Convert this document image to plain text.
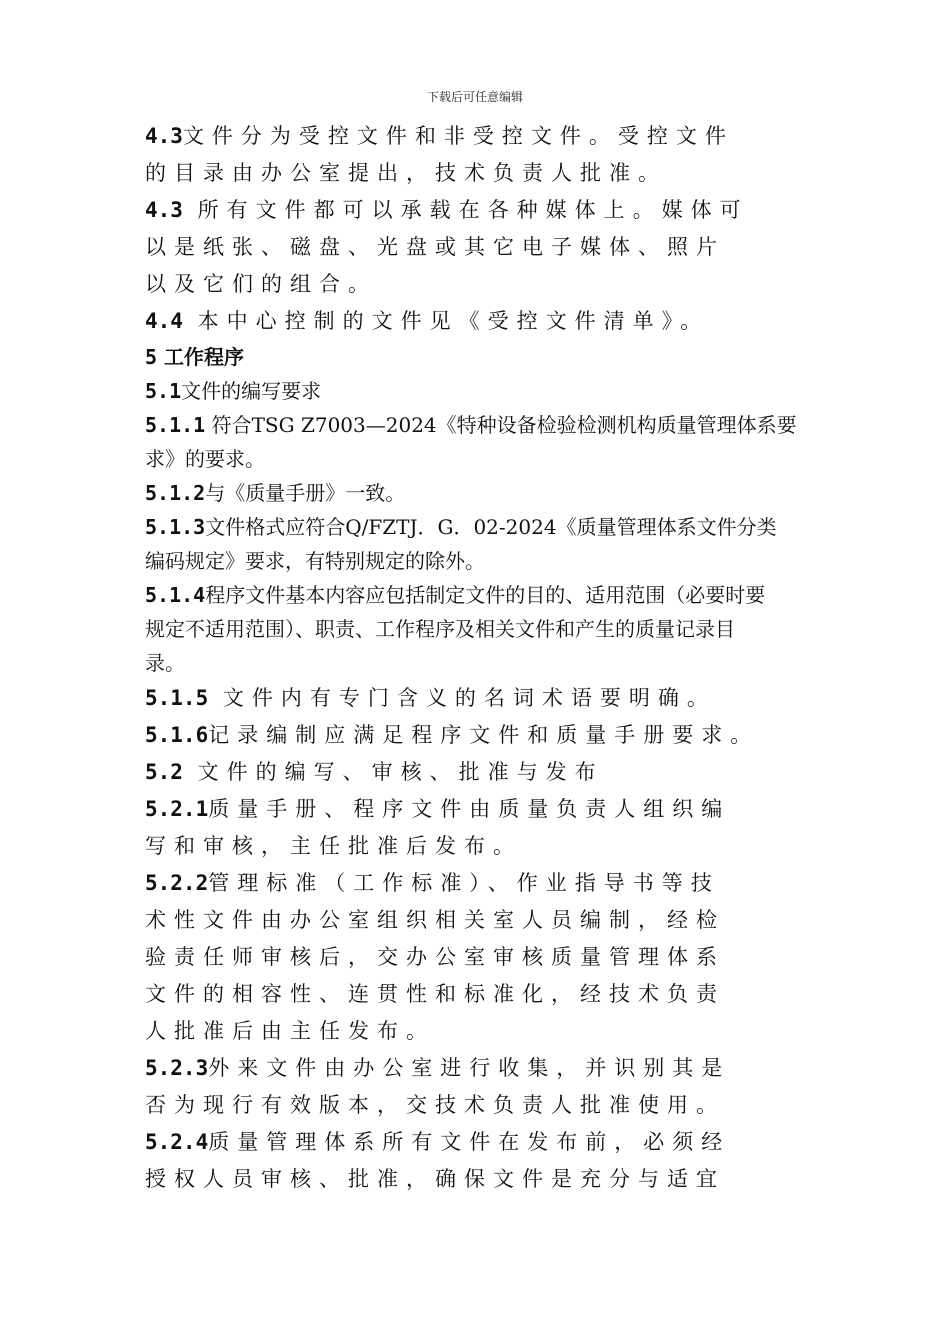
下载后可任意编辑
4.3文件分为受控文件和非受控文件。受控文件
的目录由办公室提出，技术负责人批准。
4.3 所有文件都可以承载在各种媒体上。媒体可
以是纸张、磁盘、光盘或其它电子媒体、照片
以及它们的组合。
4.4 本中心控制的文件见《受控文件清单》。
5 工作程序
5.1文件的编写要求
5.1.1 符合TSG Z7003—2024《特种设备检验检测机构质量管理体系要
求》的要求。
5.1.2与《质量手册》一致。
5.1.3文件格式应符合Q/FZTJ．G．02-2024《质量管理体系文件分类
编码规定》要求，有特别规定的除外。
5.1.4程序文件基本内容应包括制定文件的目的、适用范围（必要时要
规定不适用范围）、职责、工作程序及相关文件和产生的质量记录目
录。
5.1.5 文件内有专门含义的名词术语要明确。
5.1.6记录编制应满足程序文件和质量手册要求。
5.2 文件的编写、审核、批准与发布
5.2.1质量手册、程序文件由质量负责人组织编
写和审核，主任批准后发布。
5.2.2管理标准（工作标准）、作业指导书等技
术性文件由办公室组织相关室人员编制，经检
验责任师审核后，交办公室审核质量管理体系
文件的相容性、连贯性和标准化，经技术负责
人批准后由主任发布。
5.2.3外来文件由办公室进行收集，并识别其是
否为现行有效版本，交技术负责人批准使用。
5.2.4质量管理体系所有文件在发布前，必须经
授权人员审核、批准，确保文件是充分与适宜
